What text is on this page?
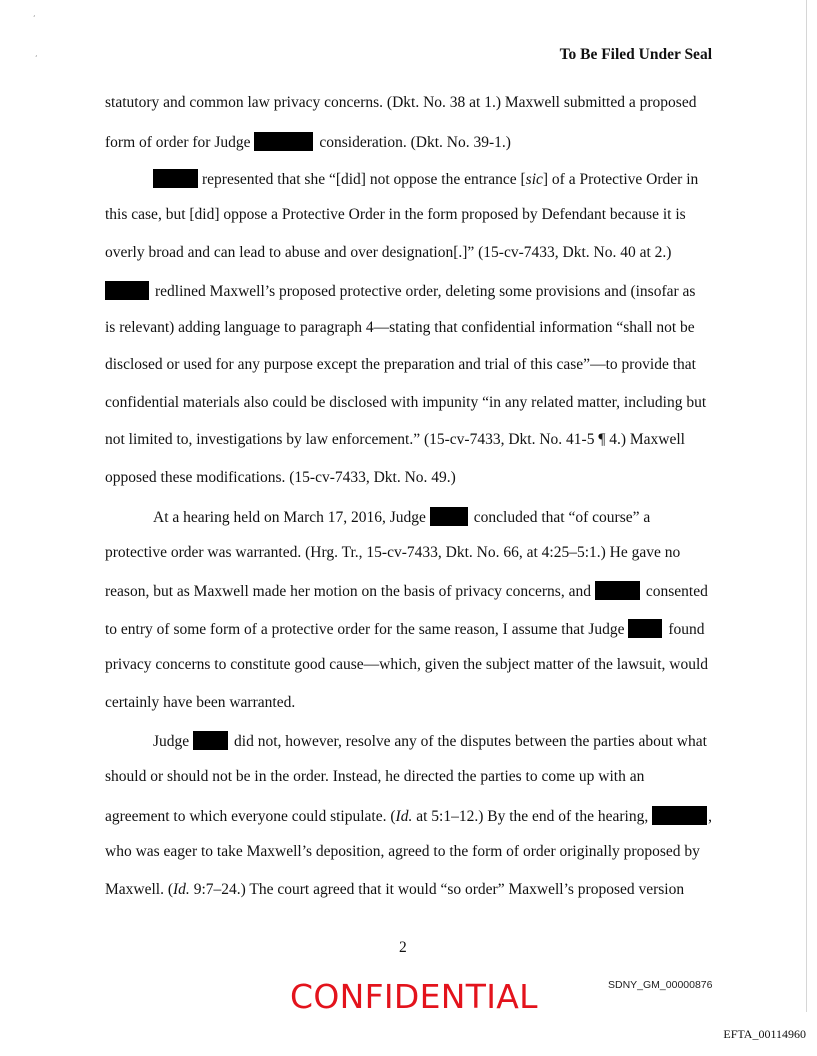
‘
‘	To Be Filed Under Seal
statutory and common law privacy concerns. (Dkt. No. 38 at 1.) Maxwell submitted a proposed
form of order for Judge	consideration. (Dkt. No. 39-1.)
represented that she “[did] not oppose the entrance [sic] of a Protective Order in
this case, but [did] oppose a Protective Order in the form proposed by Defendant because it is
overly broad and can lead to abuse and over designation[.]” (15-cv-7433, Dkt. No. 40 at 2.)
redlined Maxwell’s proposed protective order, deleting some provisions and (insofar as
is relevant) adding language to paragraph 4—stating that confidential information “shall not be
disclosed or used for any purpose except the preparation and trial of this case”—to provide that
confidential materials also could be disclosed with impunity “in any related matter, including but
not limited to, investigations by law enforcement.” (15-cv-7433, Dkt. No. 41-5 ¶ 4.) Maxwell
opposed these modifications. (15-cv-7433, Dkt. No. 49.)
At a hearing held on March 17, 2016, Judge	concluded that “of course” a
protective order was warranted. (Hrg. Tr., 15-cv-7433, Dkt. No. 66, at 4:25–5:1.) He gave no
reason, but as Maxwell made her motion on the basis of privacy concerns, and	consented
to entry of some form of a protective order for the same reason, I assume that Judge	found
privacy concerns to constitute good cause—which, given the subject matter of the lawsuit, would
certainly have been warranted.
Judge	did not, however, resolve any of the disputes between the parties about what
should or should not be in the order. Instead, he directed the parties to come up with an
agreement to which everyone could stipulate. (Id. at 5:1–12.) By the end of the hearing,	,
who was eager to take Maxwell’s deposition, agreed to the form of order originally proposed by
Maxwell. (Id. 9:7–24.) The court agreed that it would “so order” Maxwell’s proposed version
2
CONFIDENTIAL	SDNY_GM_00000876
EFTA_00114960
